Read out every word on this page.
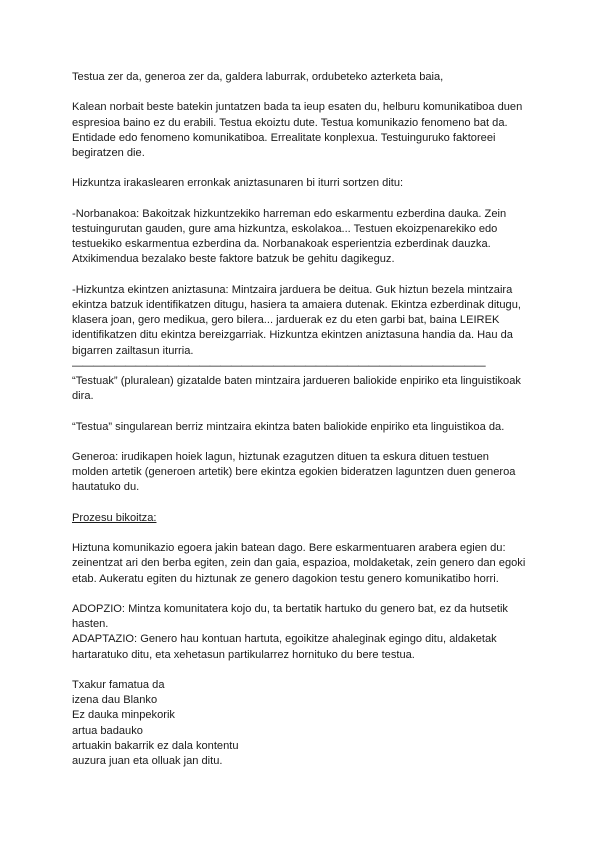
Testua zer da, generoa zer da, galdera laburrak, ordubeteko azterketa baia,
Kalean norbait beste batekin juntatzen bada ta ieup esaten du, helburu komunikatiboa duen
espresioa baino ez du erabili. Testua ekoiztu dute. Testua komunikazio fenomeno bat da.
Entidade edo fenomeno komunikatiboa. Errealitate konplexua. Testuinguruko faktoreei
begiratzen die.
Hizkuntza irakaslearen erronkak aniztasunaren bi iturri sortzen ditu:
-Norbanakoa: Bakoitzak hizkuntzekiko harreman edo eskarmentu ezberdina dauka. Zein
testuingurutan gauden, gure ama hizkuntza, eskolakoa... Testuen ekoizpenarekiko edo
testuekiko eskarmentua ezberdina da. Norbanakoak esperientzia ezberdinak dauzka.
Atxikimendua bezalako beste faktore batzuk be gehitu dagikeguz.
-Hizkuntza ekintzen aniztasuna: Mintzaira jarduera be deitua. Guk hiztun bezela mintzaira
ekintza batzuk identifikatzen ditugu, hasiera ta amaiera dutenak. Ekintza ezberdinak ditugu,
klasera joan, gero medikua, gero bilera... jarduerak ez du eten garbi bat, baina LEIREK
identifikatzen ditu ekintza bereizgarriak. Hizkuntza ekintzen aniztasuna handia da. Hau da
bigarren zailtasun iturria.
———————————————————————————————————————
“Testuak” (pluralean) gizatalde baten mintzaira jardueren baliokide enpiriko eta linguistikoak
dira.
“Testua” singularean berriz mintzaira ekintza baten baliokide enpiriko eta linguistikoa da.
Generoa: irudikapen hoiek lagun, hiztunak ezagutzen dituen ta eskura dituen testuen
molden artetik (generoen artetik) bere ekintza egokien bideratzen laguntzen duen generoa
hautatuko du.
Prozesu bikoitza:
Hiztuna komunikazio egoera jakin batean dago. Bere eskarmentuaren arabera egien du:
zeinentzat ari den berba egiten, zein dan gaia, espazioa, moldaketak, zein genero dan egoki
etab. Aukeratu egiten du hiztunak ze genero dagokion testu genero komunikatibo horri.
ADOPZIO: Mintza komunitatera kojo du, ta bertatik hartuko du genero bat, ez da hutsetik
hasten.
ADAPTAZIO: Genero hau kontuan hartuta, egoikitze ahaleginak egingo ditu, aldaketak
hartaratuko ditu, eta xehetasun partikularrez hornituko du bere testua.
Txakur famatua da
izena dau Blanko
Ez dauka minpekorik
artua badauko
artuakin bakarrik ez dala kontentu
auzura juan eta olluak jan ditu.
